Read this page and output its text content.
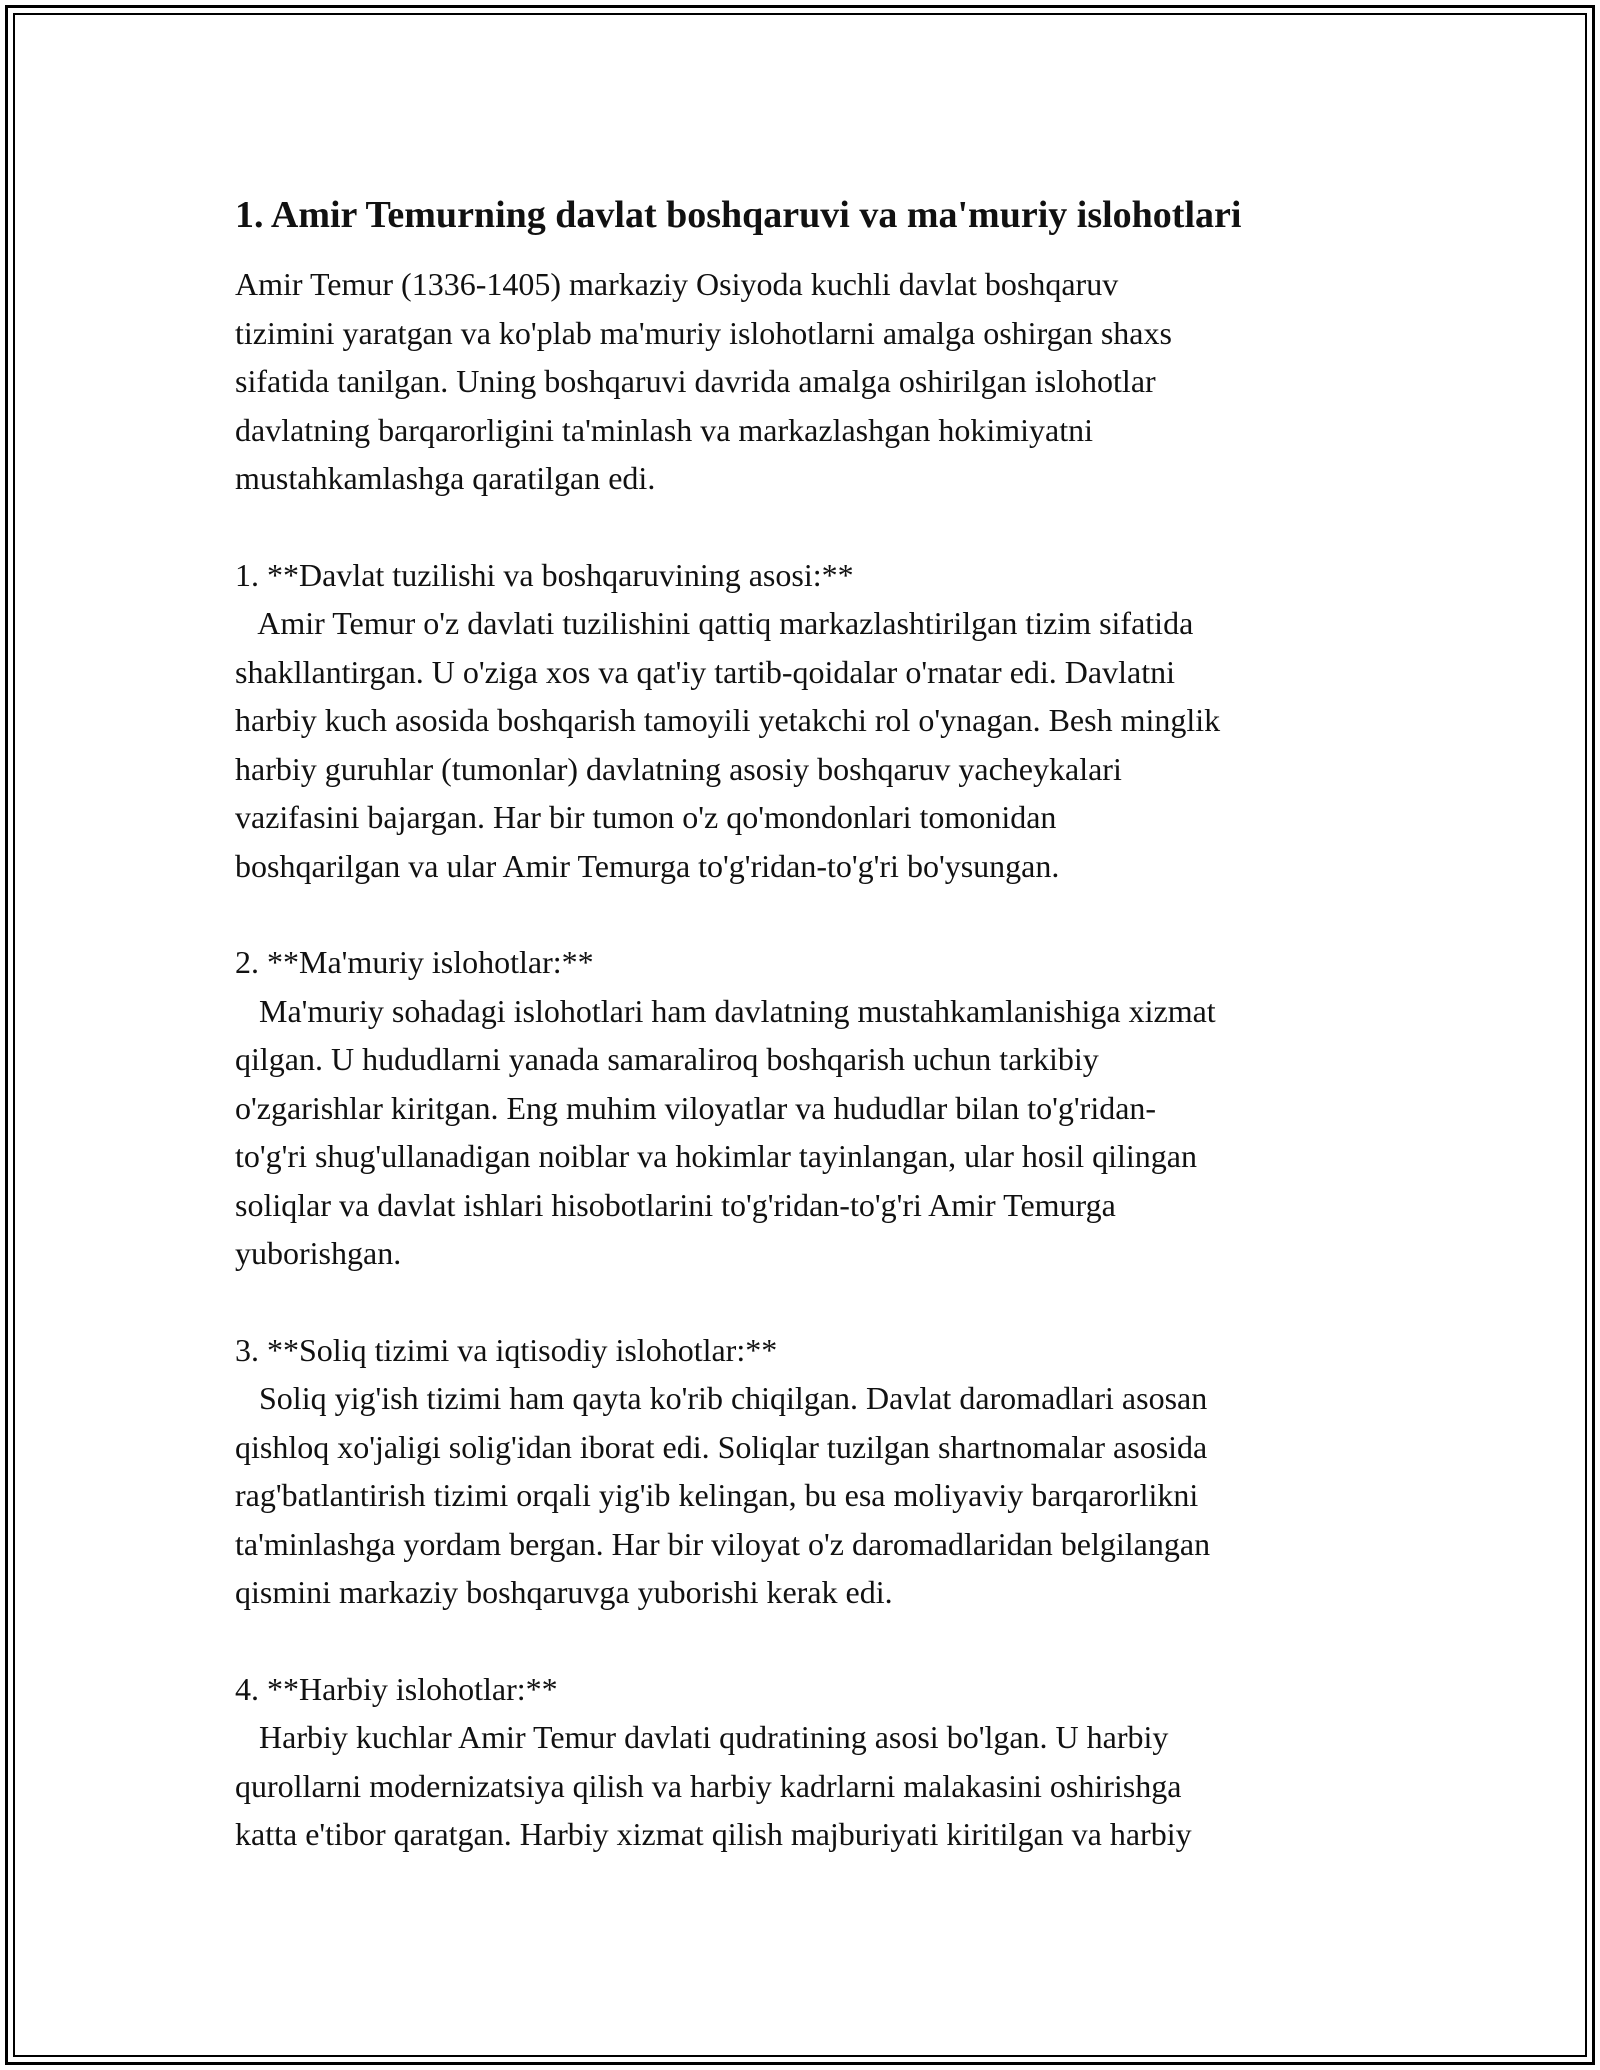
1. Amir Temurning davlat boshqaruvi va ma'muriy islohotlari

Amir Temur (1336-1405) markaziy Osiyoda kuchli davlat boshqaruv
tizimini yaratgan va ko'plab ma'muriy islohotlarni amalga oshirgan shaxs
sifatida tanilgan. Uning boshqaruvi davrida amalga oshirilgan islohotlar
davlatning barqarorligini ta'minlash va markazlashgan hokimiyatni
mustahkamlashga qaratilgan edi.

1. **Davlat tuzilishi va boshqaruvining asosi:**
Amir Temur o'z davlati tuzilishini qattiq markazlashtirilgan tizim sifatida
shakllantirgan. U o'ziga xos va qat'iy tartib-qoidalar o'rnatar edi. Davlatni
harbiy kuch asosida boshqarish tamoyili yetakchi rol o'ynagan. Besh minglik
harbiy guruhlar (tumonlar) davlatning asosiy boshqaruv yacheykalari
vazifasini bajargan. Har bir tumon o'z qo'mondonlari tomonidan
boshqarilgan va ular Amir Temurga to'g'ridan-to'g'ri bo'ysungan.
2. **Ma'muriy islohotlar:**
Ma'muriy sohadagi islohotlari ham davlatning mustahkamlanishiga xizmat
qilgan. U hududlarni yanada samaraliroq boshqarish uchun tarkibiy
o'zgarishlar kiritgan. Eng muhim viloyatlar va hududlar bilan to'g'ridan-
to'g'ri shug'ullanadigan noiblar va hokimlar tayinlangan, ular hosil qilingan
soliqlar va davlat ishlari hisobotlarini to'g'ridan-to'g'ri Amir Temurga
yuborishgan.
3. **Soliq tizimi va iqtisodiy islohotlar:**
Soliq yig'ish tizimi ham qayta ko'rib chiqilgan. Davlat daromadlari asosan
qishloq xo'jaligi solig'idan iborat edi. Soliqlar tuzilgan shartnomalar asosida
rag'batlantirish tizimi orqali yig'ib kelingan, bu esa moliyaviy barqarorlikni
ta'minlashga yordam bergan. Har bir viloyat o'z daromadlaridan belgilangan
qismini markaziy boshqaruvga yuborishi kerak edi.
4. **Harbiy islohotlar:**
Harbiy kuchlar Amir Temur davlati qudratining asosi bo'lgan. U harbiy
qurollarni modernizatsiya qilish va harbiy kadrlarni malakasini oshirishga
katta e'tibor qaratgan. Harbiy xizmat qilish majburiyati kiritilgan va harbiy
